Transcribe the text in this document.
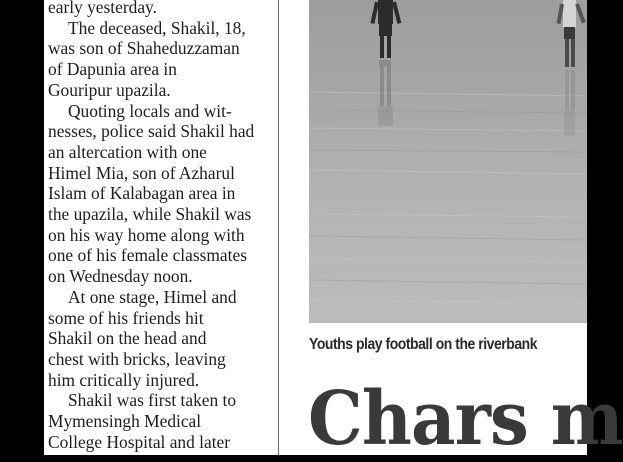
early yesterday.

The deceased, Shakil, 18,

was son of Shaheduzzaman

of Dapunia area in

Gouripur upazila.

Quoting locals and wit-

nesses, police said Shakil had

an altercation with one

Himel Mia, son of Azharul

Islam of Kalabagan area in

the upazila, while Shakil was

on his way home along with

one of his female classmates

on Wednesday noon.

At one stage, Himel and

some of his friends hit

Shakil on the head and

chest with bricks, leaving

him critically injured.

Shakil was first taken to

Mymensingh Medical

College Hospital and later

Youths play football on the riverbank
Chars m
